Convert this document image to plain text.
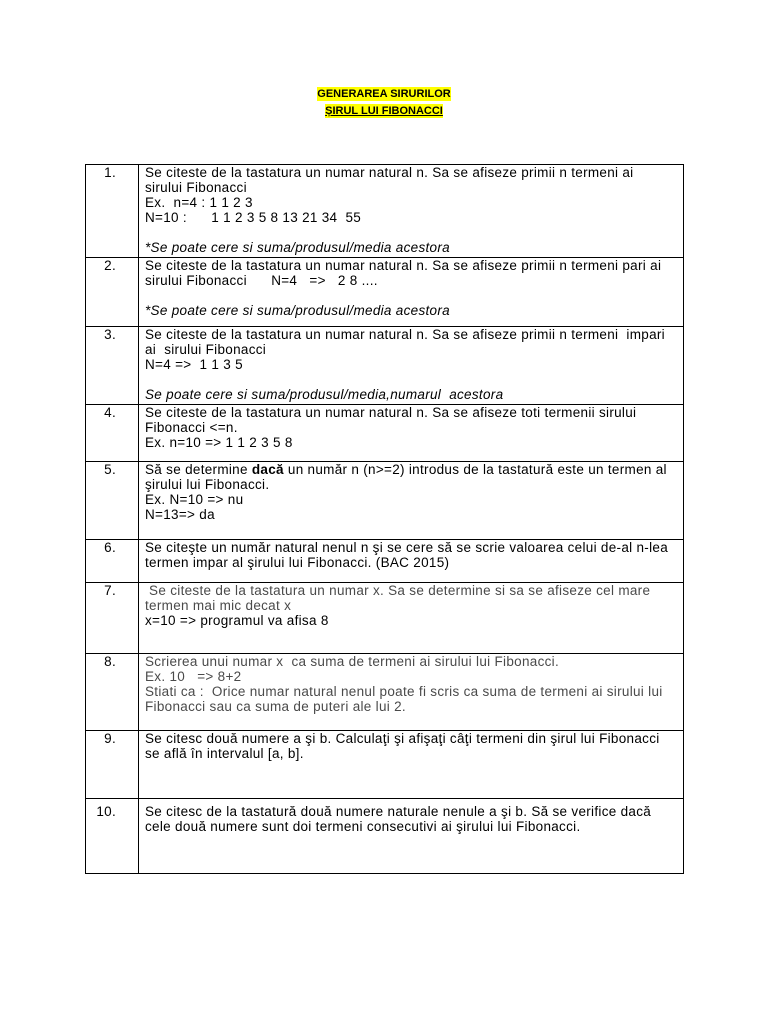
GENERAREA SIRURILOR
ȘIRUL LUI FIBONACCI
1.	Se citeste de la tastatura un numar natural n. Sa se afiseze primii n termeni ai
sirului Fibonacci
Ex.  n=4 : 1 1 2 3
N=10 :      1 1 2 3 5 8 13 21 34  55
*Se poate cere si suma/produsul/media acestora
2.	Se citeste de la tastatura un numar natural n. Sa se afiseze primii n termeni pari ai
sirului Fibonacci      N=4   =>   2 8 ....
*Se poate cere si suma/produsul/media acestora
3.	Se citeste de la tastatura un numar natural n. Sa se afiseze primii n termeni  impari
ai  sirului Fibonacci
N=4 =>  1 1 3 5
Se poate cere si suma/produsul/media,numarul  acestora
4.	Se citeste de la tastatura un numar natural n. Sa se afiseze toti termenii sirului
Fibonacci <=n.
Ex. n=10 => 1 1 2 3 5 8
5.	Să se determine dacă un număr n (n>=2) introdus de la tastatură este un termen al
şirului lui Fibonacci.
Ex. N=10 => nu
N=13=> da
6.	Se citeşte un număr natural nenul n şi se cere să se scrie valoarea celui de-al n-lea
termen impar al şirului lui Fibonacci. (BAC 2015)
7.	Se citeste de la tastatura un numar x. Sa se determine si sa se afiseze cel mare
termen mai mic decat x
x=10 => programul va afisa 8
8.	Scrierea unui numar x  ca suma de termeni ai sirului lui Fibonacci.
Ex. 10   => 8+2
Stiati ca :  Orice numar natural nenul poate fi scris ca suma de termeni ai sirului lui
Fibonacci sau ca suma de puteri ale lui 2.
9.	Se citesc două numere a şi b. Calculaţi şi afişaţi câţi termeni din şirul lui Fibonacci
se află în intervalul [a, b].
10.	Se citesc de la tastatură două numere naturale nenule a şi b. Să se verifice dacă
cele două numere sunt doi termeni consecutivi ai şirului lui Fibonacci.
